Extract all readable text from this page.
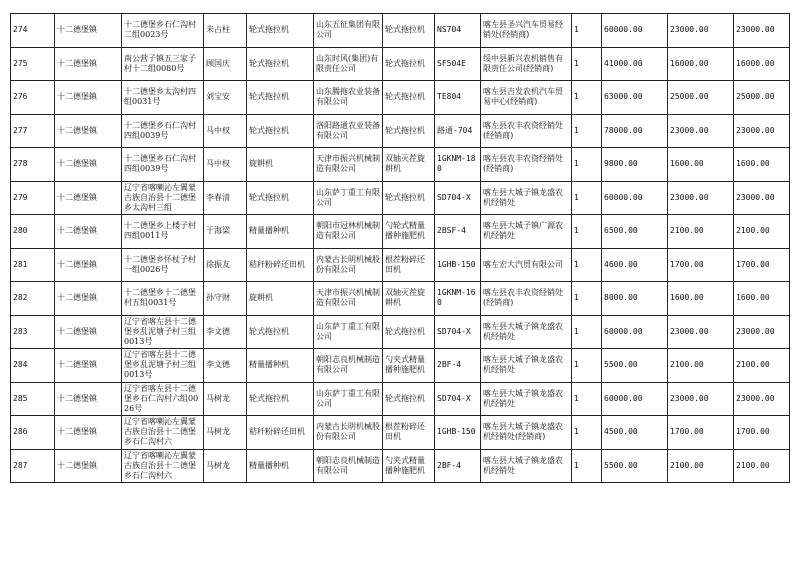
274	十二德堡镇	十二德堡乡石仁沟村二组0023号	未占柱	轮式拖拉机	山东五征集团有限公司	轮式拖拉机	NS704	喀左县圣兴汽车贸易经销处(经销商)	1	60000.00	23000.00	23000.00
275	十二德堡镇	南公营子镇五三家子村十二组0080号	顾国庆	轮式拖拉机	山东时风(集团)有限责任公司	轮式拖拉机	SF504E	绥中县新兴农机销售有限责任公司(经销商)	1	41000.00	16000.00	16000.00
276	十二德堡镇	十二德堡乡太沟村四组0031号	刘宝安	轮式拖拉机	山东腾拖农业装备有限公司	轮式拖拉机	TE804	喀左县吉发农机汽车贸易中心(经销商)	1	63000.00	25000.00	25000.00
277	十二德堡镇	十二德堡乡石仁沟村四组0039号	马中权	轮式拖拉机	洛阳路通农业装备有限公司	轮式拖拉机	路通-704	喀左县农丰农资经销处(经销商)	1	78000.00	23000.00	23000.00
278	十二德堡镇	十二德堡乡石仁沟村四组0039号	马中权	旋耕机	天津市振兴机械制造有限公司	双轴灭茬旋耕机	1GKNM-180	喀左县农丰农资经销处(经销商)	1	9800.00	1600.00	1600.00
279	十二德堡镇	辽宁省喀喇沁左翼蒙古族自治县十二德堡乡太沟村三组	李春清	轮式拖拉机	山东萨丁重工有限公司	轮式拖拉机	SD704-X	喀左县大城子镇龙盛农机经销处	1	60000.00	23000.00	23000.00
280	十二德堡镇	十二德堡乡上楼子村四组0011号	于海梁	精量播种机	朝阳市冠林机械制造有限公司	勺轮式精量播种施肥机	2BSF-4	喀左县大城子镇广源农机经销处	1	6500.00	2100.00	2100.00
281	十二德堡镇	十二德堡乡怀杖子村一组0026号	徐振友	秸秆粉碎还田机	内蒙古长明机械股份有限公司	根茬粉碎还田机	1GHB-150	喀左宏大汽贸有限公司	1	4600.00	1700.00	1700.00
282	十二德堡镇	十二德堡乡十二德堡村五组0031号	孙守财	旋耕机	天津市振兴机械制造有限公司	双轴灭茬旋耕机	1GKNM-160	喀左县农丰农资经销处(经销商)	1	8000.00	1600.00	1600.00
283	十二德堡镇	辽宁省喀左县十二德堡乡乱泥塘子村三组0013号	李文德	轮式拖拉机	山东萨丁重工有限公司	轮式拖拉机	SD704-X	喀左县大城子镇龙盛农机经销处	1	60000.00	23000.00	23000.00
284	十二德堡镇	辽宁省喀左县十二德堡乡乱泥塘子村三组0013号	李文德	精量播种机	朝阳志良机械制造有限公司	勺夹式精量播种施肥机	2BF-4	喀左县大城子镇龙盛农机经销处	1	5500.00	2100.00	2100.00
285	十二德堡镇	辽宁省喀左县十二德堡乡石仁沟村六组0026号	马树龙	轮式拖拉机	山东萨丁重工有限公司	轮式拖拉机	SD704-X	喀左县大城子镇龙盛农机经销处	1	60000.00	23000.00	23000.00
286	十二德堡镇	辽宁省喀喇沁左翼蒙古族自治县十二德堡乡石仁沟村六	马树龙	秸秆粉碎还田机	内蒙古长明机械股份有限公司	根茬粉碎还田机	1GHB-150	喀左县大城子镇龙盛农机经销处(经销商)	1	4500.00	1700.00	1700.00
287	十二德堡镇	辽宁省喀喇沁左翼蒙古族自治县十二德堡乡石仁沟村六	马树龙	精量播种机	朝阳志良机械制造有限公司	勺夹式精量播种施肥机	2BF-4	喀左县大城子镇龙盛农机经销处	1	5500.00	2100.00	2100.00
